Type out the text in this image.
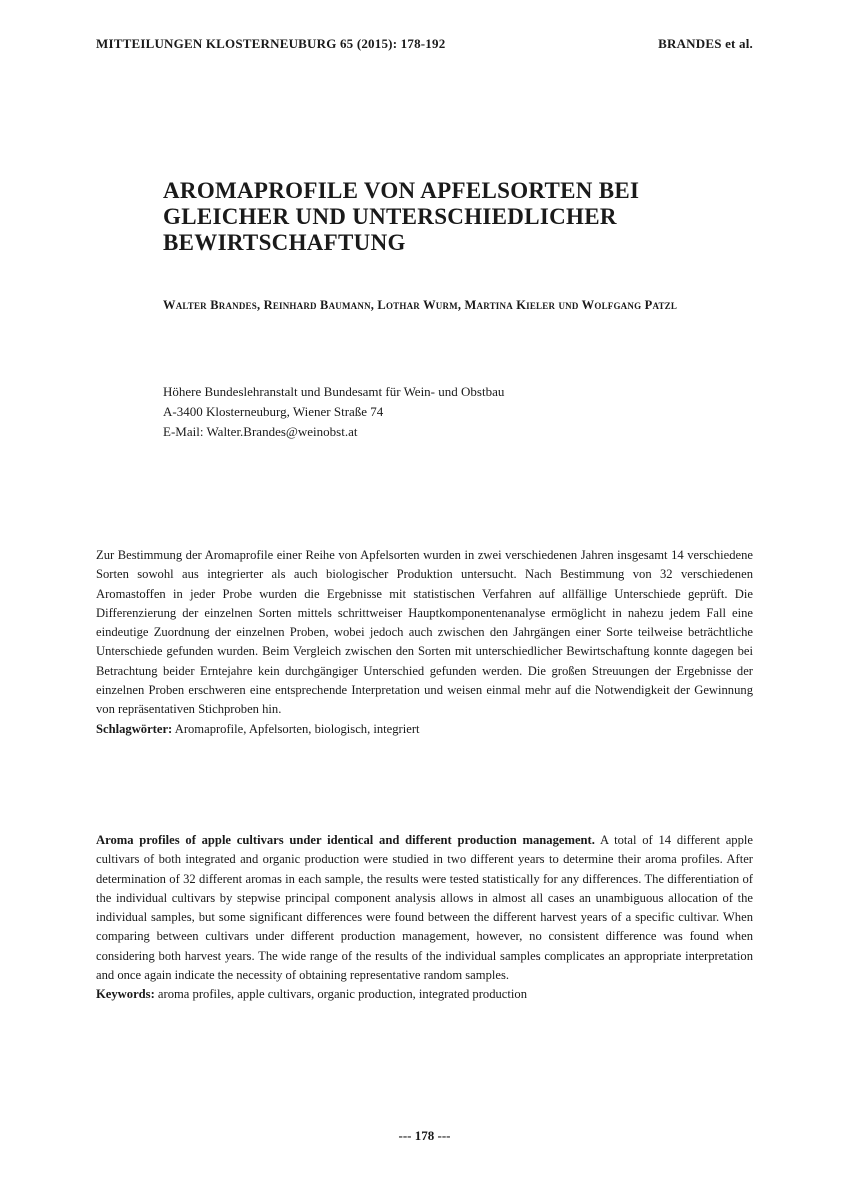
MITTEILUNGEN KLOSTERNEUBURG 65 (2015): 178-192	BRANDES et al.
AROMAPROFILE VON APFELSORTEN BEI GLEICHER UND UNTERSCHIEDLICHER BEWIRTSCHAFTUNG
Walter Brandes, Reinhard Baumann, Lothar Wurm, Martina Kieler und Wolfgang Patzl
Höhere Bundeslehranstalt und Bundesamt für Wein- und Obstbau
A-3400 Klosterneuburg, Wiener Straße 74
E-Mail: Walter.Brandes@weinobst.at

Zur Bestimmung der Aromaprofile einer Reihe von Apfelsorten wurden in zwei verschiedenen Jahren insgesamt 14 verschiedene Sorten sowohl aus integrierter als auch biologischer Produktion untersucht. Nach Bestimmung von 32 verschiedenen Aromastoffen in jeder Probe wurden die Ergebnisse mit statistischen Verfahren auf allfällige Unterschiede geprüft. Die Differenzierung der einzelnen Sorten mittels schrittweiser Hauptkomponentenanalyse ermöglicht in nahezu jedem Fall eine eindeutige Zuordnung der einzelnen Proben, wobei jedoch auch zwischen den Jahrgängen einer Sorte teilweise beträchtliche Unterschiede gefunden wurden. Beim Vergleich zwischen den Sorten mit unterschiedlicher Bewirtschaftung konnte dagegen bei Betrachtung beider Erntejahre kein durchgängiger Unterschied gefunden werden. Die großen Streuungen der Ergebnisse der einzelnen Proben erschweren eine entsprechende Interpretation und weisen einmal mehr auf die Notwendigkeit der Gewinnung von repräsentativen Stichproben hin.

Schlagwörter: Aromaprofile, Apfelsorten, biologisch, integriert

Aroma profiles of apple cultivars under identical and different production management. A total of 14 different apple cultivars of both integrated and organic production were studied in two different years to determine their aroma profiles. After determination of 32 different aromas in each sample, the results were tested statistically for any differences. The differentiation of the individual cultivars by stepwise principal component analysis allows in almost all cases an unambiguous allocation of the individual samples, but some significant differences were found between the different harvest years of a specific cultivar. When comparing between cultivars under different production management, however, no consistent difference was found when considering both harvest years. The wide range of the results of the individual samples complicates an appropriate interpretation and once again indicate the necessity of obtaining representative random samples.

Keywords: aroma profiles, apple cultivars, organic production, integrated production

--- 178 ---
